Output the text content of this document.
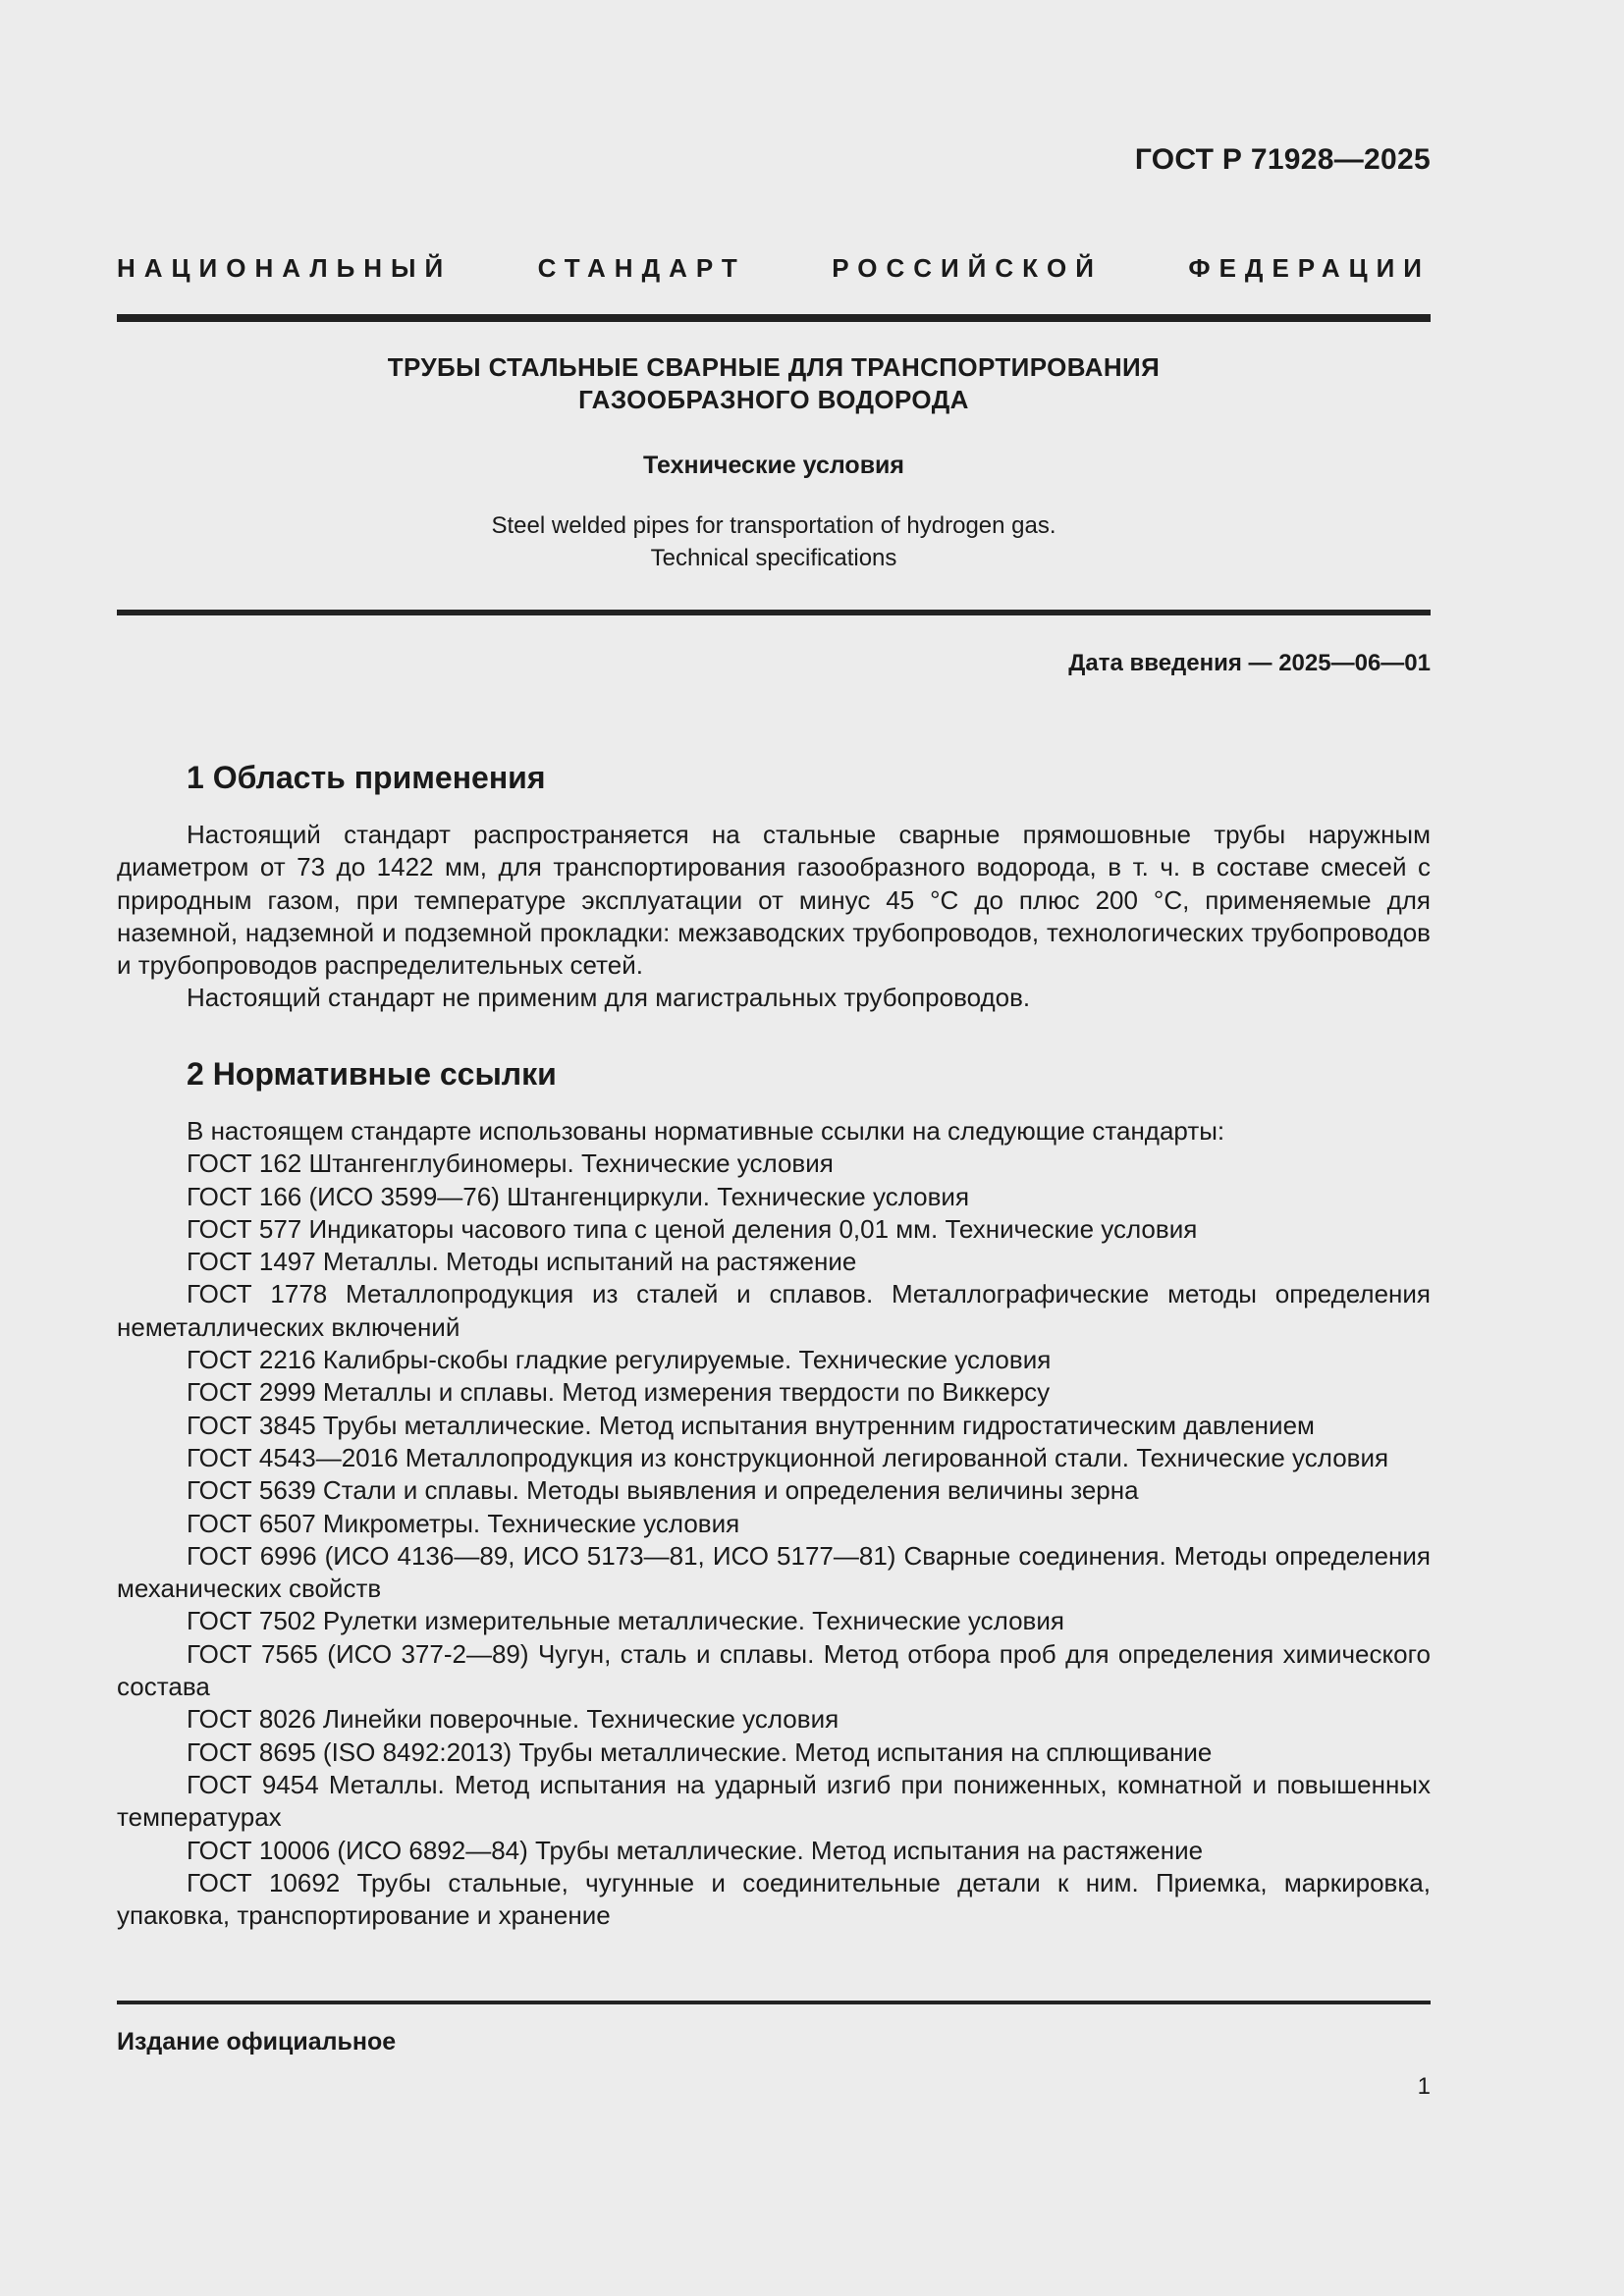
ГОСТ Р 71928—2025
НАЦИОНАЛЬНЫЙ СТАНДАРТ РОССИЙСКОЙ ФЕДЕРАЦИИ
ТРУБЫ СТАЛЬНЫЕ СВАРНЫЕ ДЛЯ ТРАНСПОРТИРОВАНИЯ
ГАЗООБРАЗНОГО ВОДОРОДА
Технические условия
Steel welded pipes for transportation of hydrogen gas.
Technical specifications
Дата введения — 2025—06—01
1 Область применения

Настоящий стандарт распространяется на стальные сварные прямошовные трубы наружным диаметром от 73 до 1422 мм, для транспортирования газообразного водорода, в т. ч. в составе смесей с природным газом, при температуре эксплуатации от минус 45 °С до плюс 200 °С, применяемые для наземной, надземной и подземной прокладки: межзаводских трубопроводов, технологических трубопроводов и трубопроводов распределительных сетей.

Настоящий стандарт не применим для магистральных трубопроводов.

2 Нормативные ссылки

В настоящем стандарте использованы нормативные ссылки на следующие стандарты:

ГОСТ 162 Штангенглубиномеры. Технические условия

ГОСТ 166 (ИСО 3599—76) Штангенциркули. Технические условия

ГОСТ 577 Индикаторы часового типа с ценой деления 0,01 мм. Технические условия

ГОСТ 1497 Металлы. Методы испытаний на растяжение

ГОСТ 1778 Металлопродукция из сталей и сплавов. Металлографические методы определения неметаллических включений

ГОСТ 2216 Калибры-скобы гладкие регулируемые. Технические условия

ГОСТ 2999 Металлы и сплавы. Метод измерения твердости по Виккерсу

ГОСТ 3845 Трубы металлические. Метод испытания внутренним гидростатическим давлением

ГОСТ 4543—2016 Металлопродукция из конструкционной легированной стали. Технические условия

ГОСТ 5639 Стали и сплавы. Методы выявления и определения величины зерна

ГОСТ 6507 Микрометры. Технические условия

ГОСТ 6996 (ИСО 4136—89, ИСО 5173—81, ИСО 5177—81) Сварные соединения. Методы определения механических свойств

ГОСТ 7502 Рулетки измерительные металлические. Технические условия

ГОСТ 7565 (ИСО 377-2—89) Чугун, сталь и сплавы. Метод отбора проб для определения химического состава

ГОСТ 8026 Линейки поверочные. Технические условия

ГОСТ 8695 (ISO 8492:2013) Трубы металлические. Метод испытания на сплющивание

ГОСТ 9454 Металлы. Метод испытания на ударный изгиб при пониженных, комнатной и повышенных температурах

ГОСТ 10006 (ИСО 6892—84) Трубы металлические. Метод испытания на растяжение

ГОСТ 10692 Трубы стальные, чугунные и соединительные детали к ним. Приемка, маркировка, упаковка, транспортирование и хранение

Издание официальное
1
